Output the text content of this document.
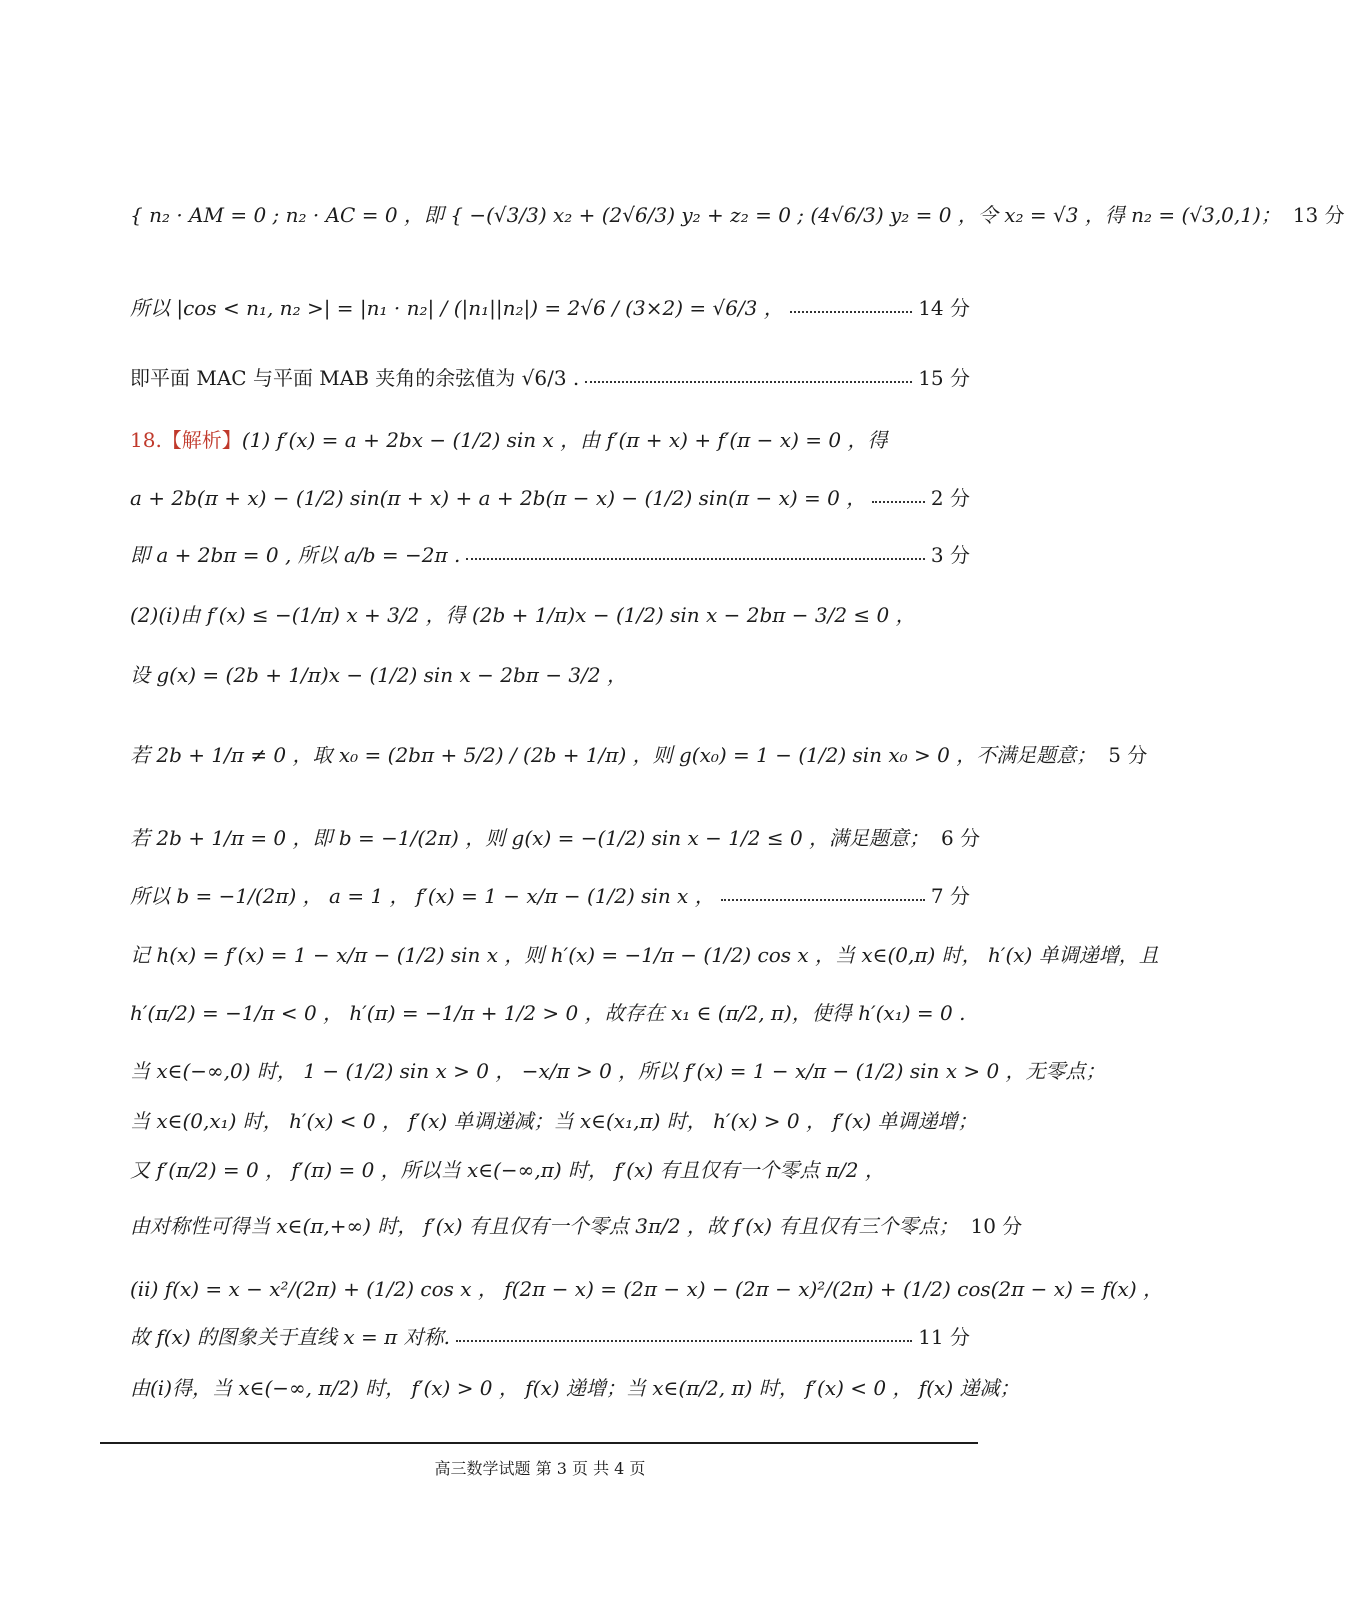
{ n₂ · AM = 0 ; n₂ · AC = 0 ，即 { −(√3/3) x₂ + (2√6/3) y₂ + z₂ = 0 ; (4√6/3) y₂ = 0 ，令 x₂ = √3 ，得 n₂ = (√3,0,1)； 13 分
所以 |cos < n₁, n₂ >| = |n₁ · n₂| / (|n₁||n₂|) = 2√6 / (3×2) = √6/3 ，	14 分
即平面 MAC 与平面 MAB 夹角的余弦值为 √6/3 .	15 分
18.【解析】 (1) f′(x) = a + 2bx − (1/2) sin x ，由 f′(π + x) + f′(π − x) = 0 ，得
a + 2b(π + x) − (1/2) sin(π + x) + a + 2b(π − x) − (1/2) sin(π − x) = 0 ，	2 分
即 a + 2bπ = 0 , 所以 a/b = −2π .	3 分
(2)(ⅰ)由 f′(x) ≤ −(1/π) x + 3/2 ，得 (2b + 1/π)x − (1/2) sin x − 2bπ − 3/2 ≤ 0 ，
设 g(x) = (2b + 1/π)x − (1/2) sin x − 2bπ − 3/2 ，
若 2b + 1/π ≠ 0 ，取 x₀ = (2bπ + 5/2) / (2b + 1/π) ，则 g(x₀) = 1 − (1/2) sin x₀ > 0 ，不满足题意； 5 分
若 2b + 1/π = 0 ，即 b = −1/(2π) ，则 g(x) = −(1/2) sin x − 1/2 ≤ 0 ，满足题意； 6 分
所以 b = −1/(2π) ， a = 1 ， f′(x) = 1 − x/π − (1/2) sin x ，	7 分
记 h(x) = f′(x) = 1 − x/π − (1/2) sin x ，则 h′(x) = −1/π − (1/2) cos x ，当 x∈(0,π) 时， h′(x) 单调递增，且
h′(π/2) = −1/π < 0 ， h′(π) = −1/π + 1/2 > 0 ，故存在 x₁ ∈ (π/2, π)，使得 h′(x₁) = 0 .
当 x∈(−∞,0) 时， 1 − (1/2) sin x > 0 ， −x/π > 0 ，所以 f′(x) = 1 − x/π − (1/2) sin x > 0 ，无零点；
当 x∈(0,x₁) 时， h′(x) < 0 ， f′(x) 单调递减；当 x∈(x₁,π) 时， h′(x) > 0 ， f′(x) 单调递增；
又 f′(π/2) = 0 ， f′(π) = 0 ，所以当 x∈(−∞,π) 时， f′(x) 有且仅有一个零点 π/2 ，
由对称性可得当 x∈(π,+∞) 时， f′(x) 有且仅有一个零点 3π/2 ，故 f′(x) 有且仅有三个零点； 10 分
(ⅱ) f(x) = x − x²/(2π) + (1/2) cos x ， f(2π − x) = (2π − x) − (2π − x)²/(2π) + (1/2) cos(2π − x) = f(x) ，
故 f(x) 的图象关于直线 x = π 对称.	11 分
由(ⅰ)得，当 x∈(−∞, π/2) 时， f′(x) > 0 ， f(x) 递增；当 x∈(π/2, π) 时， f′(x) < 0 ， f(x) 递减；
高三数学试题 第 3 页 共 4 页
